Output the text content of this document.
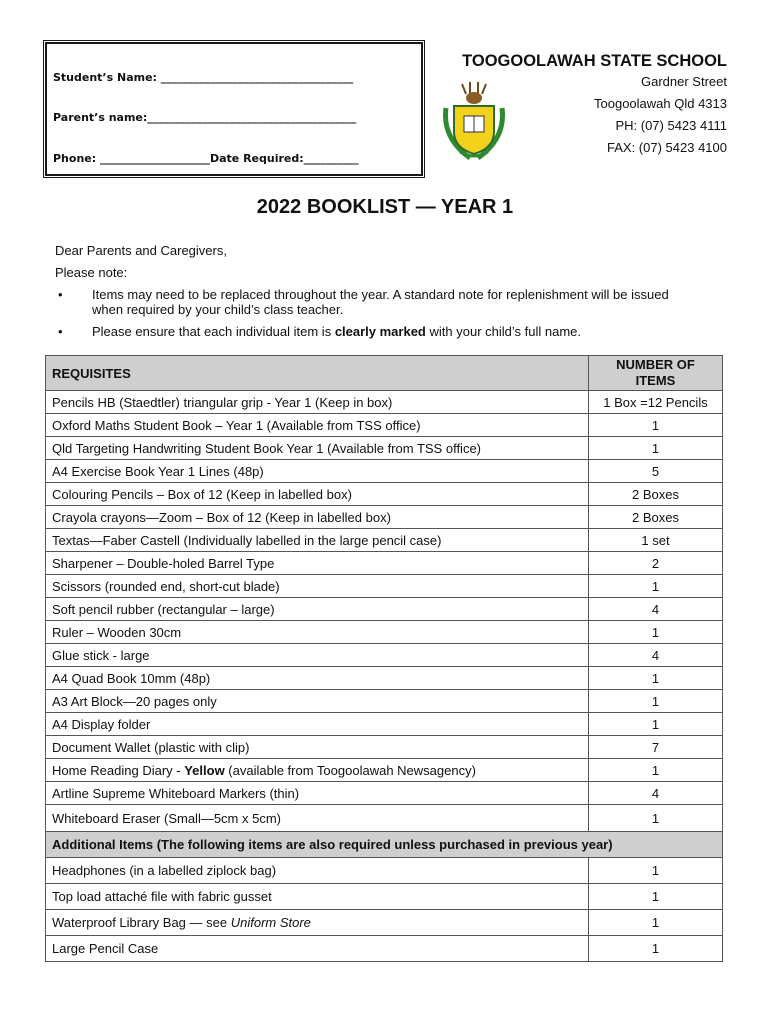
Student’s Name: ___________________________________
Parent’s name:______________________________________
Phone: ____________________Date Required:__________
TOOGOOLAWAH STATE SCHOOL
Gardner Street
Toogoolawah Qld 4313
PH: (07) 5423 4111
FAX: (07) 5423 4100
2022 BOOKLIST — YEAR 1
Dear Parents and Caregivers,
Please note:
• Items may need to be replaced throughout the year. A standard note for replenishment will be issued when required by your child’s class teacher.
• Please ensure that each individual item is clearly marked with your child’s full name.
REQUISITES	NUMBER OF
ITEMS
Pencils HB (Staedtler) triangular grip - Year 1 (Keep in box)	1 Box =12 Pencils
Oxford Maths Student Book – Year 1 (Available from TSS office)	1
Qld Targeting Handwriting Student Book Year 1 (Available from TSS office)	1
A4 Exercise Book Year 1 Lines (48p)	5
Colouring Pencils – Box of 12 (Keep in labelled box)	2 Boxes
Crayola crayons—Zoom – Box of 12 (Keep in labelled box)	2 Boxes
Textas—Faber Castell (Individually labelled in the large pencil case)	1 set
Sharpener – Double-holed Barrel Type	2
Scissors (rounded end, short-cut blade)	1
Soft pencil rubber (rectangular – large)	4
Ruler – Wooden 30cm	1
Glue stick - large	4
A4 Quad Book 10mm (48p)	1
A3 Art Block—20 pages only	1
A4 Display folder	1
Document Wallet (plastic with clip)	7
Home Reading Diary - Yellow (available from Toogoolawah Newsagency)	1
Artline Supreme Whiteboard Markers (thin)	4
Whiteboard Eraser (Small—5cm x 5cm)	1
Additional Items (The following items are also required unless purchased in previous year)	
Headphones (in a labelled ziplock bag)	1
Top load attaché file with fabric gusset	1
Waterproof Library Bag — see Uniform Store	1
Large Pencil Case	1
